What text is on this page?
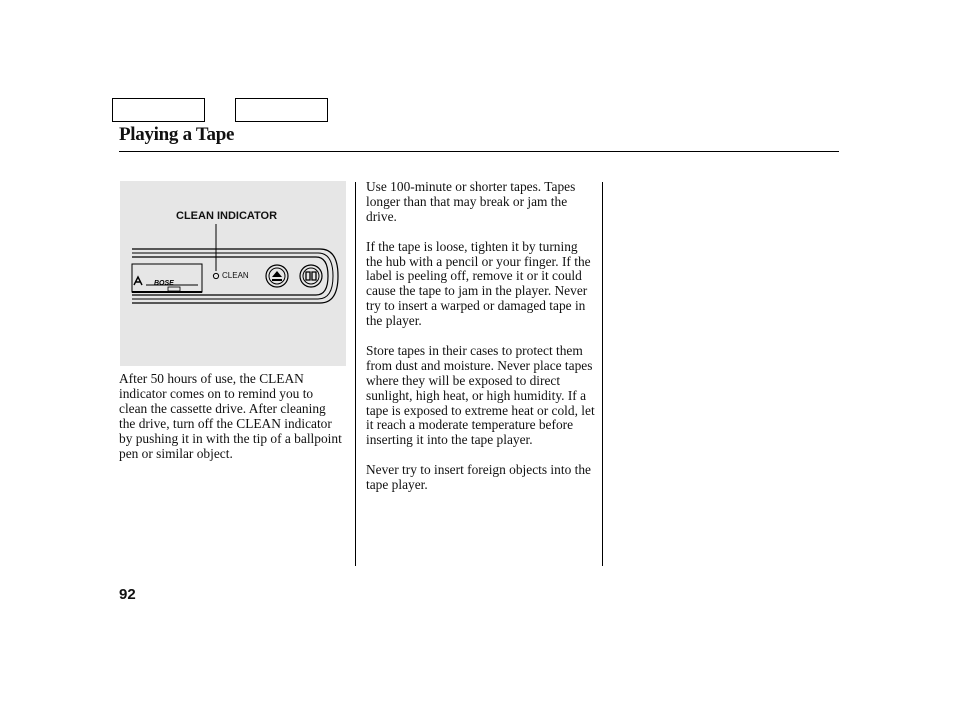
Playing a Tape
BOSE
CLEAN INDICATOR
CLEAN

After 50 hours of use, the CLEAN indicator comes on to remind you to clean the cassette drive. After cleaning the drive, turn off the CLEAN indicator by pushing it in with the tip of a ballpoint pen or similar object.

Use 100-minute or shorter tapes. Tapes longer than that may break or jam the drive.

If the tape is loose, tighten it by turning the hub with a pencil or your finger. If the label is peeling off, remove it or it could cause the tape to jam in the player. Never try to insert a warped or damaged tape in the player.

Store tapes in their cases to protect them from dust and moisture. Never place tapes where they will be exposed to direct sunlight, high heat, or high humidity. If a tape is exposed to extreme heat or cold, let it reach a moderate temperature before inserting it into the tape player.

Never try to insert foreign objects into the tape player.

92
